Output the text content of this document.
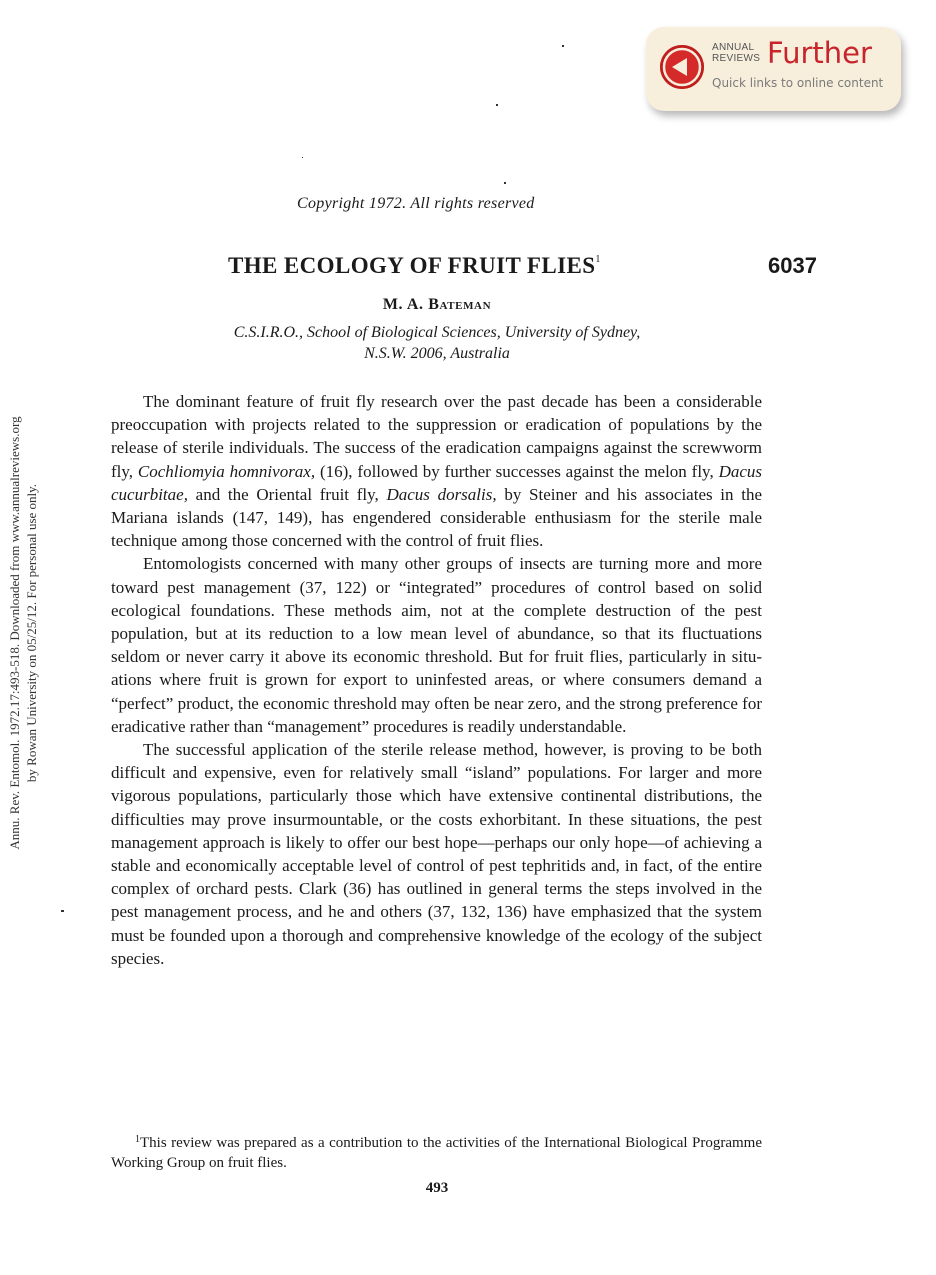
ANNUAL
REVIEWS Further
Quick links to online content
Annu. Rev. Entomol. 1972.17:493-518. Downloaded from www.annualreviews.org by Rowan University on 05/25/12. For personal use only.
Copyright 1972. All rights reserved
THE ECOLOGY OF FRUIT FLIES$^1$	6037
M. A. Bateman
C.S.I.R.O., School of Biological Sciences, University of Sydney,
N.S.W. 2006, Australia

The dominant feature of fruit fly research over the past decade has been a considerable preoccupation with projects related to the suppression or eradication of populations by the release of sterile individuals. The success of the eradication campaigns against the screwworm fly, Cochliomyia homnivorax, (16), followed by further successes against the melon fly, Dacus cucurbitae, and the Oriental fruit fly, Dacus dorsalis, by Steiner and his associates in the Mariana islands (147, 149), has engendered considerable enthusiasm for the sterile male technique among those concerned with the control of fruit flies.

Entomologists concerned with many other groups of insects are turning more and more toward pest management (37, 122) or “integrated” procedures of control based on solid ecological foundations. These methods aim, not at the complete destruction of the pest population, but at its reduction to a low mean level of abundance, so that its fluctuations seldom or never carry it above its economic threshold. But for fruit flies, particularly in situations where fruit is grown for export to uninfested areas, or where consumers demand a “perfect” product, the economic threshold may often be near zero, and the strong preference for eradicative rather than “management” procedures is readily understandable.

The successful application of the sterile release method, however, is proving to be both difficult and expensive, even for relatively small “island” populations. For larger and more vigorous populations, particularly those which have extensive continental distributions, the difficulties may prove insurmountable, or the costs exhorbitant. In these situations, the pest management approach is likely to offer our best hope—perhaps our only hope—of achieving a stable and economically acceptable level of control of pest tephritids and, in fact, of the entire complex of orchard pests. Clark (36) has outlined in general terms the steps involved in the pest management process, and he and others (37, 132, 136) have emphasized that the system must be founded upon a thorough and comprehensive knowledge of the ecology of the subject species.

$^1$This review was prepared as a contribution to the activities of the International Biological Programme Working Group on fruit flies.
493
